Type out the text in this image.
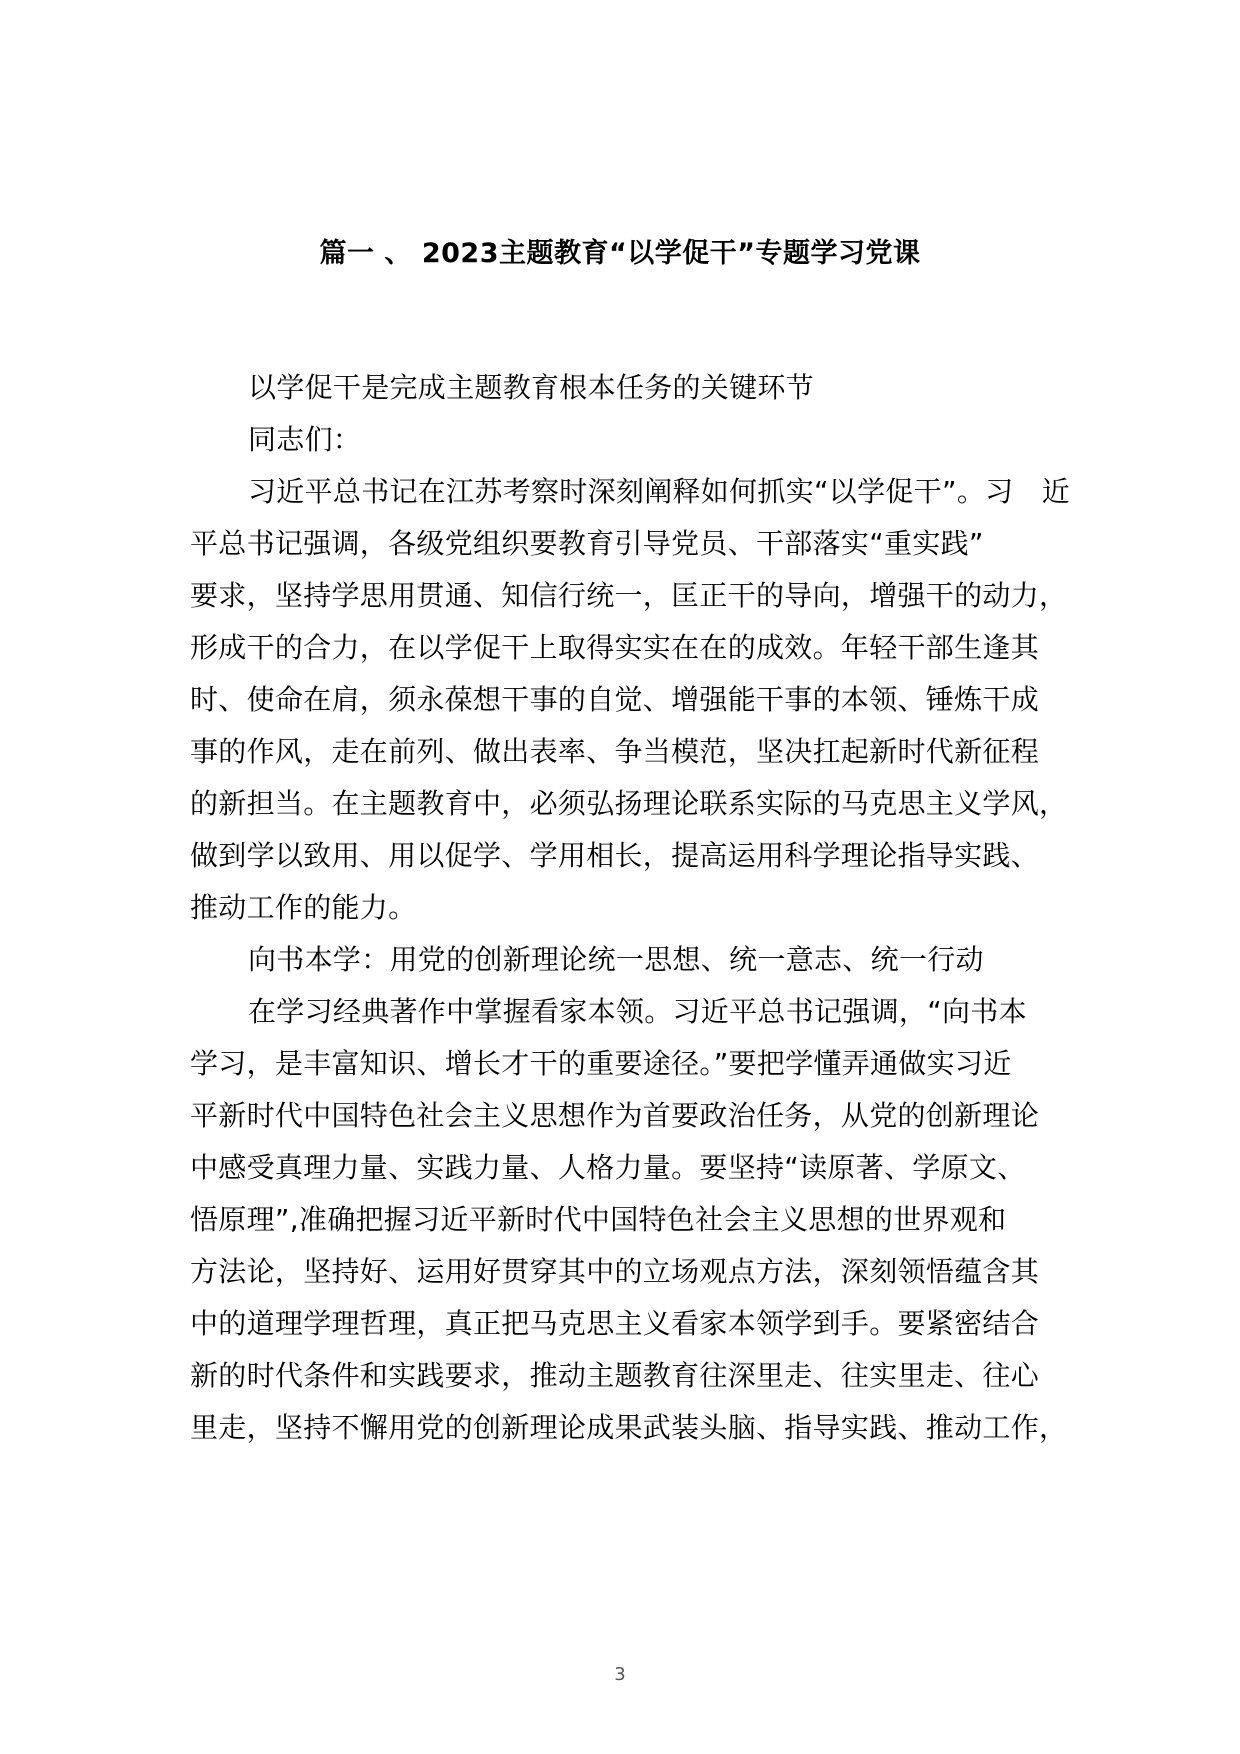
篇一 、 2023主题教育“以学促干”专题学习党课
以学促干是完成主题教育根本任务的关键环节
同志们：
习近平总书记在江苏考察时深刻阐释如何抓实“以学促干”。习　近
平总书记强调，各级党组织要教育引导党员、干部落实“重实践”
要求，坚持学思用贯通、知信行统一，匡正干的导向，增强干的动力，
形成干的合力，在以学促干上取得实实在在的成效。年轻干部生逢其
时、使命在肩，须永葆想干事的自觉、增强能干事的本领、锤炼干成
事的作风，走在前列、做出表率、争当模范，坚决扛起新时代新征程
的新担当。在主题教育中，必须弘扬理论联系实际的马克思主义学风，
做到学以致用、用以促学、学用相长，提高运用科学理论指导实践、
推动工作的能力。
向书本学：用党的创新理论统一思想、统一意志、统一行动
在学习经典著作中掌握看家本领。习近平总书记强调，“向书本
学习，是丰富知识、增长才干的重要途径。”要把学懂弄通做实习近
平新时代中国特色社会主义思想作为首要政治任务，从党的创新理论
中感受真理力量、实践力量、人格力量。要坚持“读原著、学原文、
悟原理”,准确把握习近平新时代中国特色社会主义思想的世界观和
方法论，坚持好、运用好贯穿其中的立场观点方法，深刻领悟蕴含其
中的道理学理哲理，真正把马克思主义看家本领学到手。要紧密结合
新的时代条件和实践要求，推动主题教育往深里走、往实里走、往心
里走，坚持不懈用党的创新理论成果武装头脑、指导实践、推动工作，
3
